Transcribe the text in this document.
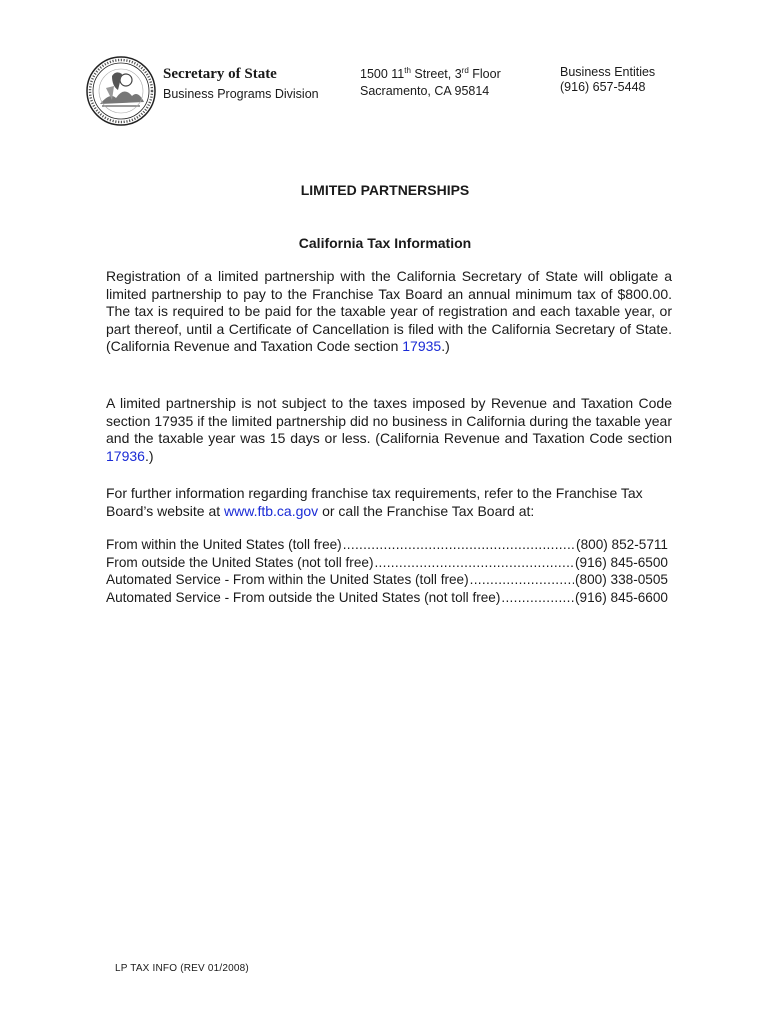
Secretary of State
Business Programs Division
1500 11th Street, 3rd Floor
Sacramento, CA 95814
Business Entities
(916) 657-5448
LIMITED PARTNERSHIPS
California Tax Information
Registration of a limited partnership with the California Secretary of State will obligate a limited partnership to pay to the Franchise Tax Board an annual minimum tax of $800.00. The tax is required to be paid for the taxable year of registration and each taxable year, or part thereof, until a Certificate of Cancellation is filed with the California Secretary of State. (California Revenue and Taxation Code section 17935.)
A limited partnership is not subject to the taxes imposed by Revenue and Taxation Code section 17935 if the limited partnership did no business in California during the taxable year and the taxable year was 15 days or less. (California Revenue and Taxation Code section 17936.)
For further information regarding franchise tax requirements, refer to the Franchise Tax Board’s website at www.ftb.ca.gov or call the Franchise Tax Board at:
From within the United States (toll free) .....	(800) 852-5711
From outside the United States (not toll free) .....	(916) 845-6500
Automated Service - From within the United States (toll free) .....	(800) 338-0505
Automated Service - From outside the United States (not toll free) .....	(916) 845-6600
LP TAX INFO (REV 01/2008)
